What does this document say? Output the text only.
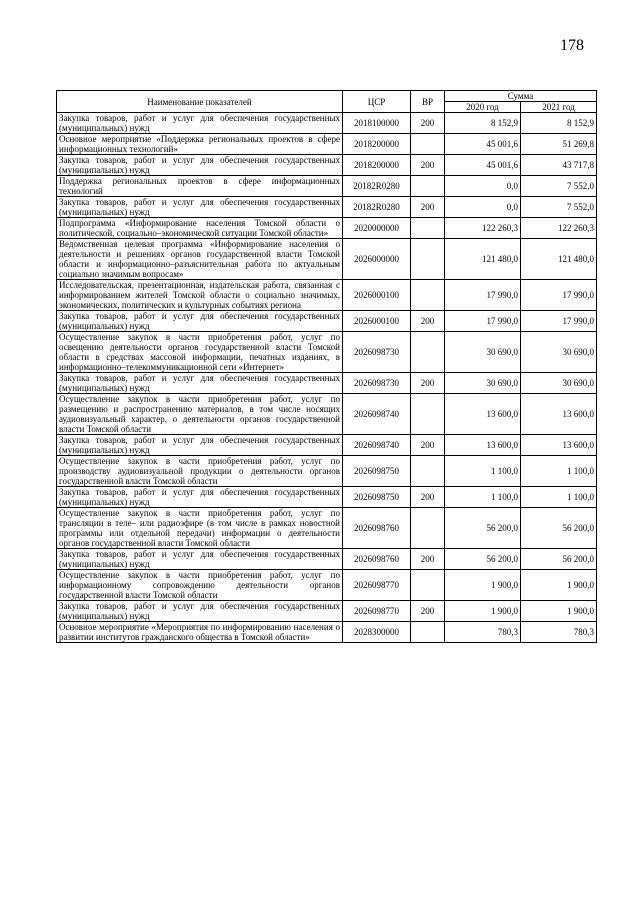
178
Наименование показателей	ЦСР	ВР	Сумма	
			2020 год	2021 год
Закупка товаров, работ и услуг для обеспечения государственных (муниципальных) нужд	2018100000	200	8 152,9	8 152,9
Основное мероприятие «Поддержка региональных проектов в сфере информационных технологий»	2018200000		45 001,6	51 269,8
Закупка товаров, работ и услуг для обеспечения государственных (муниципальных) нужд	2018200000	200	45 001,6	43 717,8
Поддержка региональных проектов в сфере информационных технологий	20182R0280		0,0	7 552,0
Закупка товаров, работ и услуг для обеспечения государственных (муниципальных) нужд	20182R0280	200	0,0	7 552,0
Подпрограмма «Информирование населения Томской области о политической, социально–экономической ситуации Томской области»	2020000000		122 260,3	122 260,3
Ведомственная целевая программа «Информирование населения о деятельности и решениях органов государственной власти Томской области и информационно–разъяснительная работа по актуальным социально значимым вопросам»	2026000000		121 480,0	121 480,0
Исследовательская, презентационная, издательская работа, связанная с информированием жителей Томской области о социально значимых, экономических, политических и культурных событиях региона	2026000100		17 990,0	17 990,0
Закупка товаров, работ и услуг для обеспечения государственных (муниципальных) нужд	2026000100	200	17 990,0	17 990,0
Осуществление закупок в части приобретения работ, услуг по освещению деятельности органов государственной власти Томской области в средствах массовой информации, печатных изданиях, в информационно–телекоммуникационной сети «Интернет»	2026098730		30 690,0	30 690,0
Закупка товаров, работ и услуг для обеспечения государственных (муниципальных) нужд	2026098730	200	30 690,0	30 690,0
Осуществление закупок в части приобретения работ, услуг по размещению и распространению материалов, в том числе носящих аудиовизуальный характер, о деятельности органов государственной власти Томской области	2026098740		13 600,0	13 600,0
Закупка товаров, работ и услуг для обеспечения государственных (муниципальных) нужд	2026098740	200	13 600,0	13 600,0
Осуществление закупок в части приобретения работ, услуг по производству аудиовизуальной продукции о деятельности органов государственной власти Томской области	2026098750		1 100,0	1 100,0
Закупка товаров, работ и услуг для обеспечения государственных (муниципальных) нужд	2026098750	200	1 100,0	1 100,0
Осуществление закупок в части приобретения работ, услуг по трансляции в теле– или радиоэфире (в том числе в рамках новостной программы или отдельной передачи) информации о деятельности органов государственной власти Томской области	2026098760		56 200,0	56 200,0
Закупка товаров, работ и услуг для обеспечения государственных (муниципальных) нужд	2026098760	200	56 200,0	56 200,0
Осуществление закупок в части приобретения работ, услуг по информационному сопровождению деятельности органов государственной власти Томской области	2026098770		1 900,0	1 900,0
Закупка товаров, работ и услуг для обеспечения государственных (муниципальных) нужд	2026098770	200	1 900,0	1 900,0
Основное мероприятие «Мероприятия по информированию населения о развитии институтов гражданского общества в Томской области»	2028300000		780,3	780,3
